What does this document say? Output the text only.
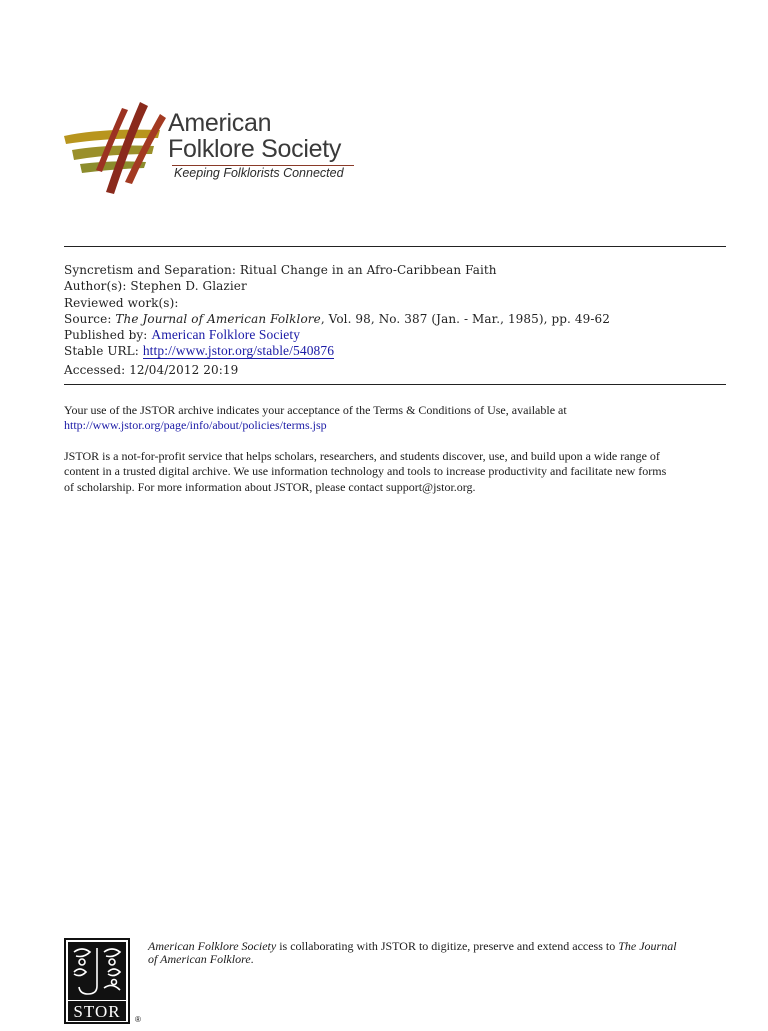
American
Folklore Society
Keeping Folklorists Connected
Syncretism and Separation: Ritual Change in an Afro-Caribbean Faith
Author(s): Stephen D. Glazier
Reviewed work(s):
Source: The Journal of American Folklore, Vol. 98, No. 387 (Jan. - Mar., 1985), pp. 49-62
Published by: American Folklore Society
Stable URL: http://www.jstor.org/stable/540876
Accessed: 12/04/2012 20:19
Your use of the JSTOR archive indicates your acceptance of the Terms & Conditions of Use, available at
http://www.jstor.org/page/info/about/policies/terms.jsp
JSTOR is a not-for-profit service that helps scholars, researchers, and students discover, use, and build upon a wide range of
content in a trusted digital archive. We use information technology and tools to increase productivity and facilitate new forms
of scholarship. For more information about JSTOR, please contact support@jstor.org.
STOR ®
American Folklore Society is collaborating with JSTOR to digitize, preserve and extend access to The Journal
of American Folklore.
